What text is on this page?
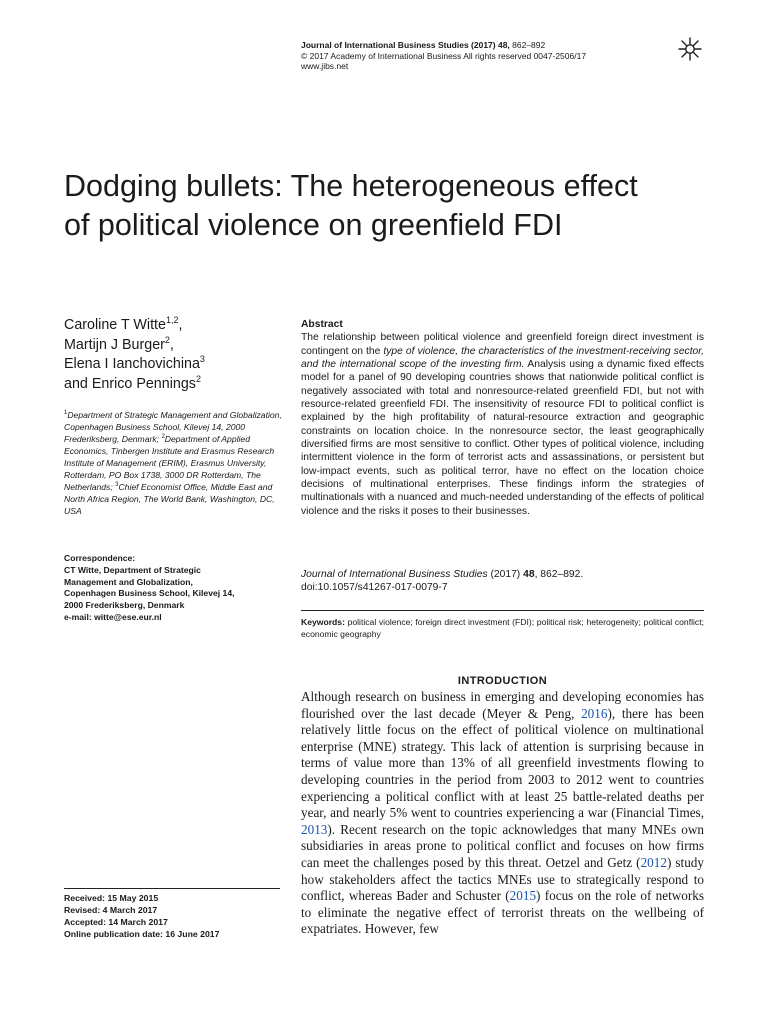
Journal of International Business Studies (2017) 48, 862–892
© 2017 Academy of International Business All rights reserved 0047-2506/17
www.jibs.net
Dodging bullets: The heterogeneous effect
of political violence on greenfield FDI
Caroline T Witte$^{1,2}$,
Martijn J Burger$^2$,
Elena I Ianchovichina$^3$
and Enrico Pennings$^2$
$^1$Department of Strategic Management and Globalization, Copenhagen Business School, Kilevej 14, 2000 Frederiksberg, Denmark; $^2$Department of Applied Economics, Tinbergen Institute and Erasmus Research Institute of Management (ERIM), Erasmus University, Rotterdam, PO Box 1738, 3000 DR Rotterdam, The Netherlands; $^3$Chief Economist Office, Middle East and North Africa Region, The World Bank, Washington, DC, USA
Correspondence:
CT Witte, Department of Strategic
Management and Globalization,
Copenhagen Business School, Kilevej 14,
2000 Frederiksberg, Denmark
e-mail: witte@ese.eur.nl
Received: 15 May 2015
Revised: 4 March 2017
Accepted: 14 March 2017
Online publication date: 16 June 2017
Abstract
The relationship between political violence and greenfield foreign direct investment is contingent on the type of violence, the characteristics of the investment-receiving sector, and the international scope of the investing firm. Analysis using a dynamic fixed effects model for a panel of 90 developing countries shows that nationwide political conflict is negatively associated with total and nonresource-related greenfield FDI, but not with resource-related greenfield FDI. The insensitivity of resource FDI to political conflict is explained by the high profitability of natural-resource extraction and geographic constraints on location choice. In the nonresource sector, the least geographically diversified firms are most sensitive to conflict. Other types of political violence, including intermittent violence in the form of terrorist acts and assassinations, or persistent but low-impact events, such as political terror, have no effect on the location choice decisions of multinational enterprises. These findings inform the strategies of multinationals with a nuanced and much-needed understanding of the effects of political violence and the risks it poses to their businesses.
Journal of International Business Studies (2017) 48, 862–892.
doi:10.1057/s41267-017-0079-7
Keywords: political violence; foreign direct investment (FDI); political risk; heterogeneity; political conflict; economic geography
INTRODUCTION
Although research on business in emerging and developing economies has flourished over the last decade (Meyer & Peng, 2016), there has been relatively little focus on the effect of political violence on multinational enterprise (MNE) strategy. This lack of attention is surprising because in terms of value more than 13% of all greenfield investments flowing to developing countries in the period from 2003 to 2012 went to countries experiencing a political conflict with at least 25 battle-related deaths per year, and nearly 5% went to countries experiencing a war (Financial Times, 2013). Recent research on the topic acknowledges that many MNEs own subsidiaries in areas prone to political conflict and focuses on how firms can meet the challenges posed by this threat. Oetzel and Getz (2012) study how stakeholders affect the tactics MNEs use to strategically respond to conflict, whereas Bader and Schuster (2015) focus on the role of networks to eliminate the negative effect of terrorist threats on the wellbeing of expatriates. However, few
